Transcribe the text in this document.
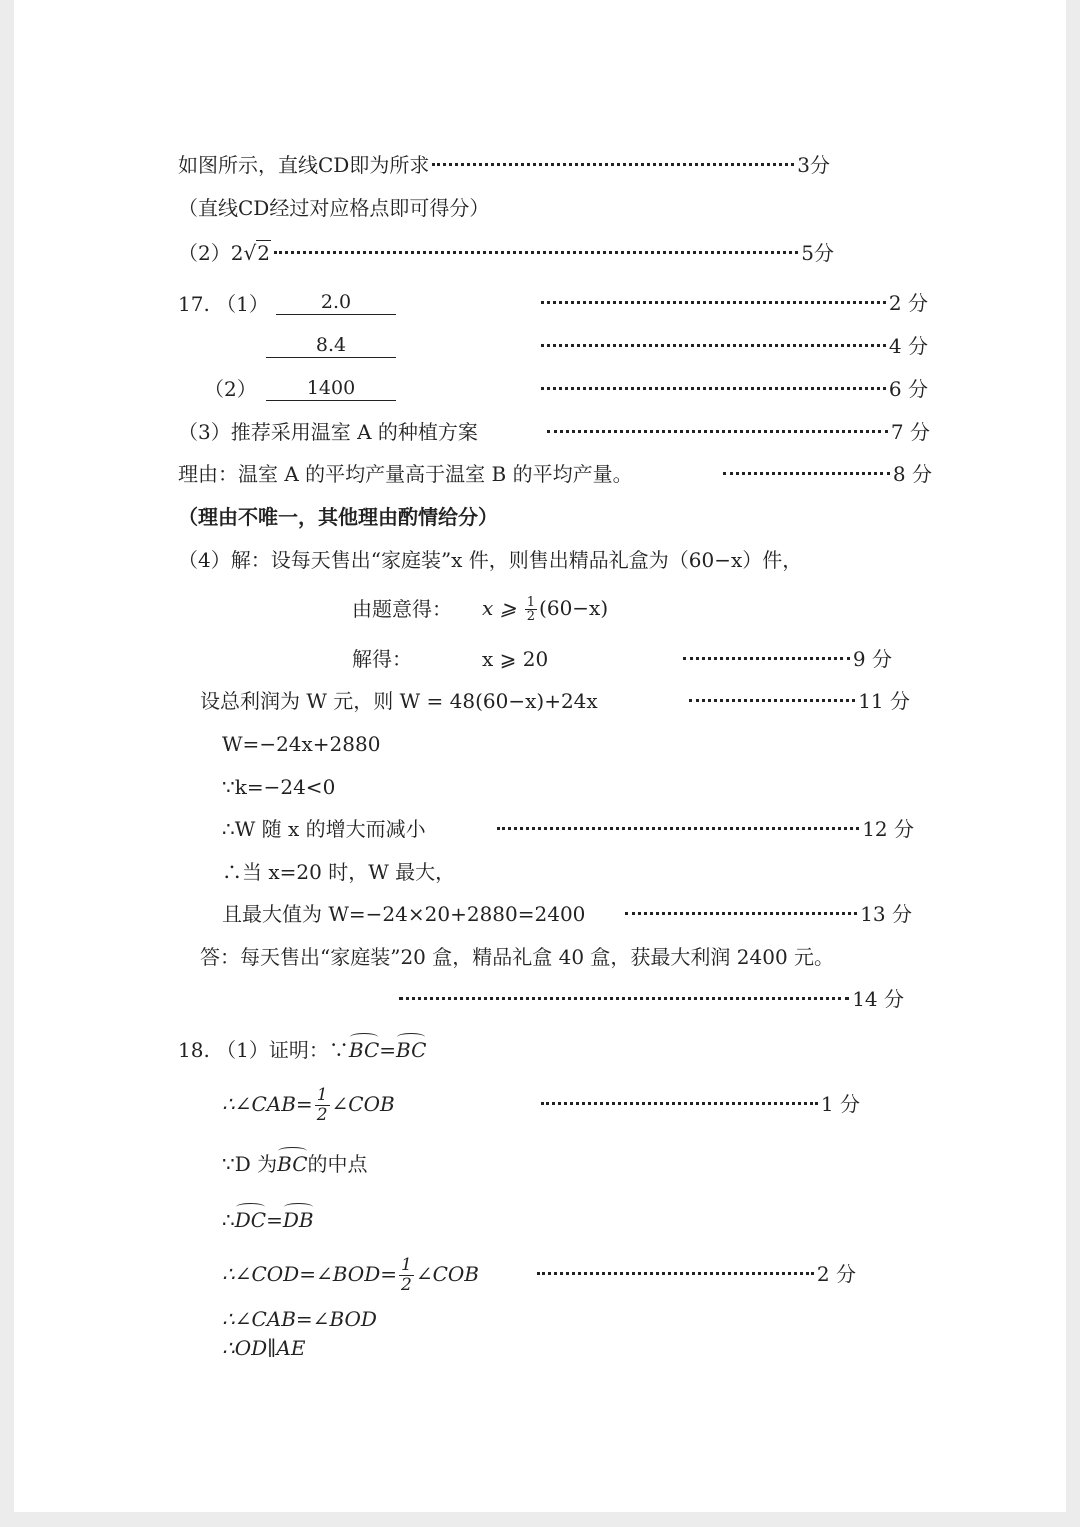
如图所示，直线CD即为所求	3分
（直线CD经过对应格点即可得分）
（2） 2√2	5分
17. （1）	2.0	2 分
8.4	4 分
（2）	1400	6 分
（3）推荐采用温室 A 的种植方案	7 分
理由：温室 A 的平均产量高于温室 B 的平均产量。	8 分
（理由不唯一，其他理由酌情给分）
（4）解：设每天售出“家庭装”x 件，则售出精品礼盒为（60−x）件，
由题意得： x ⩾ $\frac{1}{2} (60-x)$
解得：	x ⩾ 20	9 分
设总利润为 W 元，则 W = 48(60−x)+24x	11 分
W=−24x+2880
∵k=−24<0
∴W 随 x 的增大而减小	12 分
∴当 x=20 时，W 最大，
且最大值为 W=−24×20+2880=2400	13 分
答：每天售出“家庭装”20 盒，精品礼盒 40 盒，获最大利润 2400 元。
14 分
18. （1）证明：∵BC=BC
∴∠CAB= $\frac{1}{2}$ ∠COB	1 分
∵D 为BC的中点
∴DC=DB
∴∠COD=∠BOD= $\frac{1}{2}$ ∠COB	2 分
∴∠CAB=∠BOD
∴OD∥AE
